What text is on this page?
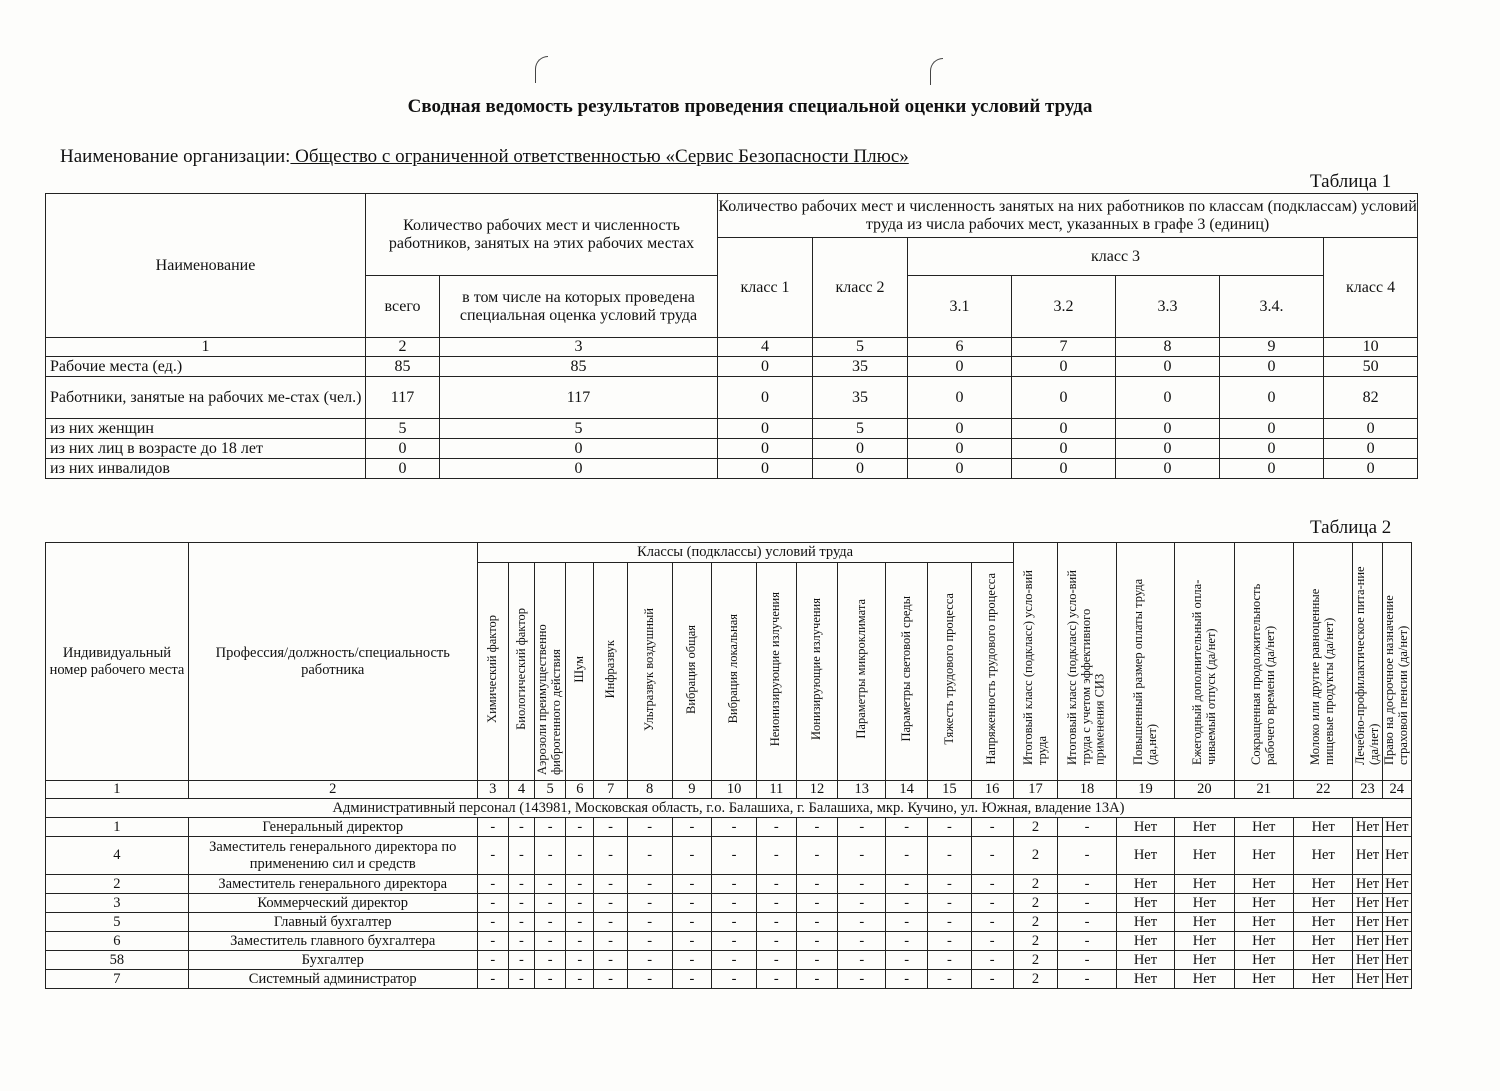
Сводная ведомость результатов проведения специальной оценки условий труда
Наименование организации: Общество с ограниченной ответственностью «Сервис Безопасности Плюс»
Таблица 1
Наименование	Количество рабочих мест и численность работников, занятых на этих рабочих местах		Количество рабочих мест и численность занятых на них работников по классам (подклассам) условий труда из числа рабочих мест, указанных в графе 3 (единиц)						
			класс 1	класс 2	класс 3				класс 4
	всего	в том числе на которых проведена специальная оценка условий труда			3.1	3.2	3.3	3.4.	
1	2	3	4	5	6	7	8	9	10
Рабочие места (ед.)	85	85	0	35	0	0	0	0	50
Работники, занятые на рабочих ме-стах (чел.)	117	117	0	35	0	0	0	0	82
из них женщин	5	5	0	5	0	0	0	0	0
из них лиц в возрасте до 18 лет	0	0	0	0	0	0	0	0	0
из них инвалидов	0	0	0	0	0	0	0	0	0
Таблица 2
Индивидуальный номер рабочего места	Профессия/должность/специальность работника	Классы (подклассы) условий труда														Итоговый класс (подкласс) усло-вий труда	Итоговый класс (подкласс) усло-вий труда с учетом эффективного применения СИЗ	Повышенный размер оплаты труда (да,нет)	Ежегодный дополнительный опла-чиваемый отпуск (да/нет)	Сокращенная продолжительность рабочего времени (да/нет)	Молоко или другие равноценные пищевые продукты (да/нет)	Лечебно-профилактическое пита-ние (да/нет)	Право на досрочное назначение страховой пенсии (да/нет)
		Химический фактор	Биологический фактор	Аэрозоли преимущественно фиброгенного действия	Шум	Инфразвук	Ультразвук воздушный	Вибрация общая	Вибрация локальная	Неионизирующие излучения	Ионизирующие излучения	Параметры микроклимата	Параметры световой среды	Тяжесть трудового процесса	Напряженность трудового процесса								
1	2	3	4	5	6	7	8	9	10	11	12	13	14	15	16	17	18	19	20	21	22	23	24
Административный персонал (143981, Московская область, г.о. Балашиха, г. Балашиха, мкр. Кучино, ул. Южная, владение 13А)																							
1	Генеральный директор	-	-	-	-	-	-	-	-	-	-	-	-	-	-	2	-	Нет	Нет	Нет	Нет	Нет	Нет
4	Заместитель генерального директора по применению сил и средств	-	-	-	-	-	-	-	-	-	-	-	-	-	-	2	-	Нет	Нет	Нет	Нет	Нет	Нет
2	Заместитель генерального директора	-	-	-	-	-	-	-	-	-	-	-	-	-	-	2	-	Нет	Нет	Нет	Нет	Нет	Нет
3	Коммерческий директор	-	-	-	-	-	-	-	-	-	-	-	-	-	-	2	-	Нет	Нет	Нет	Нет	Нет	Нет
5	Главный бухгалтер	-	-	-	-	-	-	-	-	-	-	-	-	-	-	2	-	Нет	Нет	Нет	Нет	Нет	Нет
6	Заместитель главного бухгалтера	-	-	-	-	-	-	-	-	-	-	-	-	-	-	2	-	Нет	Нет	Нет	Нет	Нет	Нет
58	Бухгалтер	-	-	-	-	-	-	-	-	-	-	-	-	-	-	2	-	Нет	Нет	Нет	Нет	Нет	Нет
7	Системный администратор	-	-	-	-	-	-	-	-	-	-	-	-	-	-	2	-	Нет	Нет	Нет	Нет	Нет	Нет
